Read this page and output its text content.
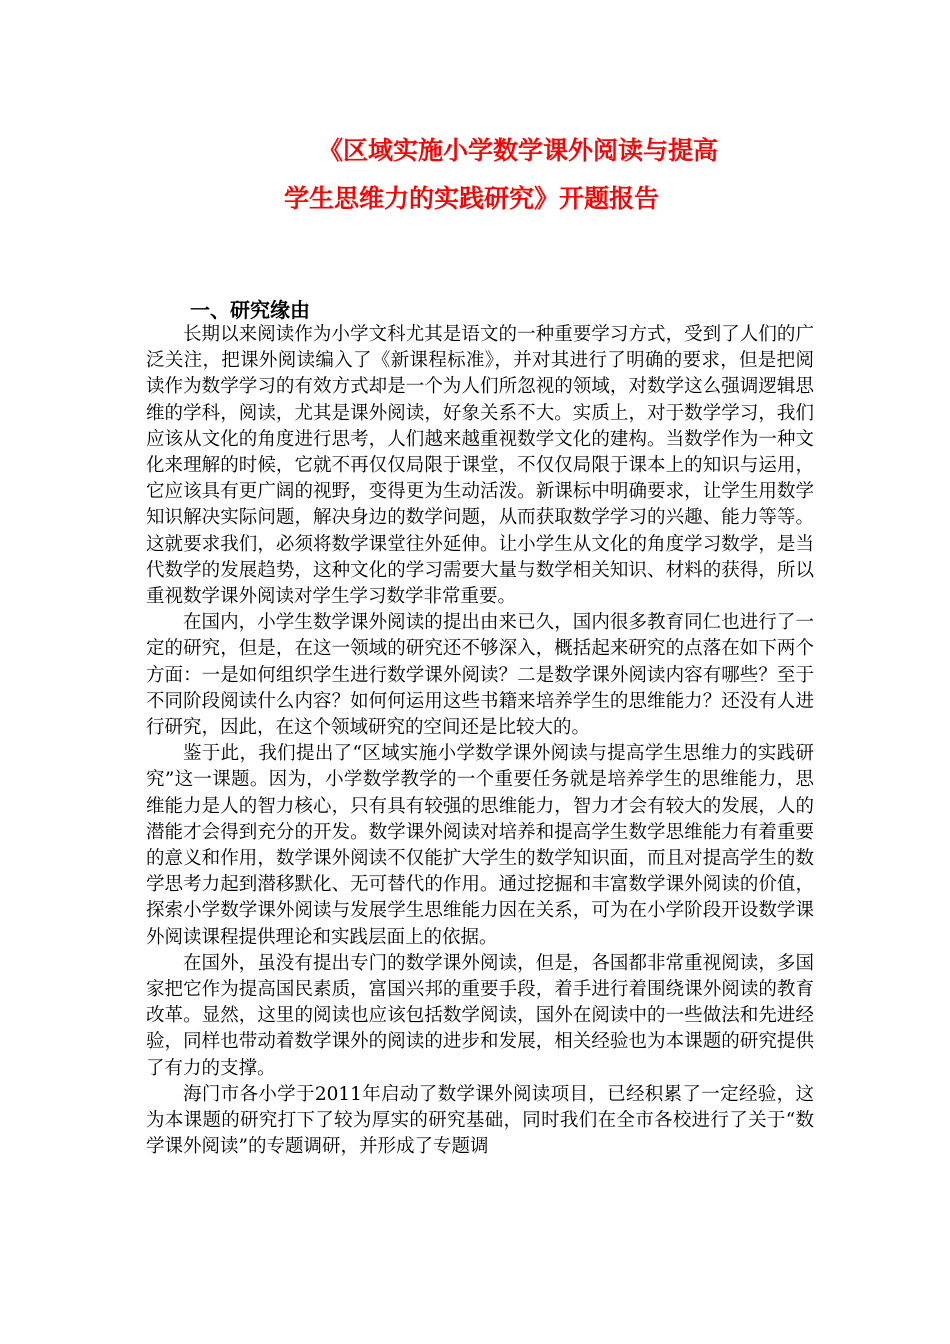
《区域实施小学数学课外阅读与提高
学生思维力的实践研究》开题报告
一、研究缘由

长期以来阅读作为小学文科尤其是语文的一种重要学习方式，受到了人们的广泛关注，把课外阅读编入了《新课程标准》，并对其进行了明确的要求，但是把阅读作为数学学习的有效方式却是一个为人们所忽视的领域，对数学这么强调逻辑思维的学科，阅读，尤其是课外阅读，好象关系不大。实质上，对于数学学习，我们应该从文化的角度进行思考，人们越来越重视数学文化的建构。当数学作为一种文化来理解的时候，它就不再仅仅局限于课堂，不仅仅局限于课本上的知识与运用，它应该具有更广阔的视野，变得更为生动活泼。新课标中明确要求，让学生用数学知识解决实际问题，解决身边的数学问题，从而获取数学学习的兴趣、能力等等。这就要求我们，必须将数学课堂往外延伸。让小学生从文化的角度学习数学，是当代数学的发展趋势，这种文化的学习需要大量与数学相关知识、材料的获得，所以重视数学课外阅读对学生学习数学非常重要。

在国内，小学生数学课外阅读的提出由来已久，国内很多教育同仁也进行了一定的研究，但是，在这一领域的研究还不够深入，概括起来研究的点落在如下两个方面：一是如何组织学生进行数学课外阅读？二是数学课外阅读内容有哪些？至于不同阶段阅读什么内容？如何何运用这些书籍来培养学生的思维能力？还没有人进行研究，因此，在这个领域研究的空间还是比较大的。

鉴于此，我们提出了“区域实施小学数学课外阅读与提高学生思维力的实践研究”这一课题。因为，小学数学教学的一个重要任务就是培养学生的思维能力，思维能力是人的智力核心，只有具有较强的思维能力，智力才会有较大的发展，人的潜能才会得到充分的开发。数学课外阅读对培养和提高学生数学思维能力有着重要的意义和作用，数学课外阅读不仅能扩大学生的数学知识面，而且对提高学生的数学思考力起到潜移默化、无可替代的作用。通过挖掘和丰富数学课外阅读的价值，探索小学数学课外阅读与发展学生思维能力因在关系，可为在小学阶段开设数学课外阅读课程提供理论和实践层面上的依据。

在国外，虽没有提出专门的数学课外阅读，但是，各国都非常重视阅读，多国家把它作为提高国民素质，富国兴邦的重要手段，着手进行着围绕课外阅读的教育改革。显然，这里的阅读也应该包括数学阅读，国外在阅读中的一些做法和先进经验，同样也带动着数学课外的阅读的进步和发展，相关经验也为本课题的研究提供了有力的支撑。

海门市各小学于2011年启动了数学课外阅读项目，已经积累了一定经验，这为本课题的研究打下了较为厚实的研究基础，同时我们在全市各校进行了关于“数学课外阅读”的专题调研，并形成了专题调
